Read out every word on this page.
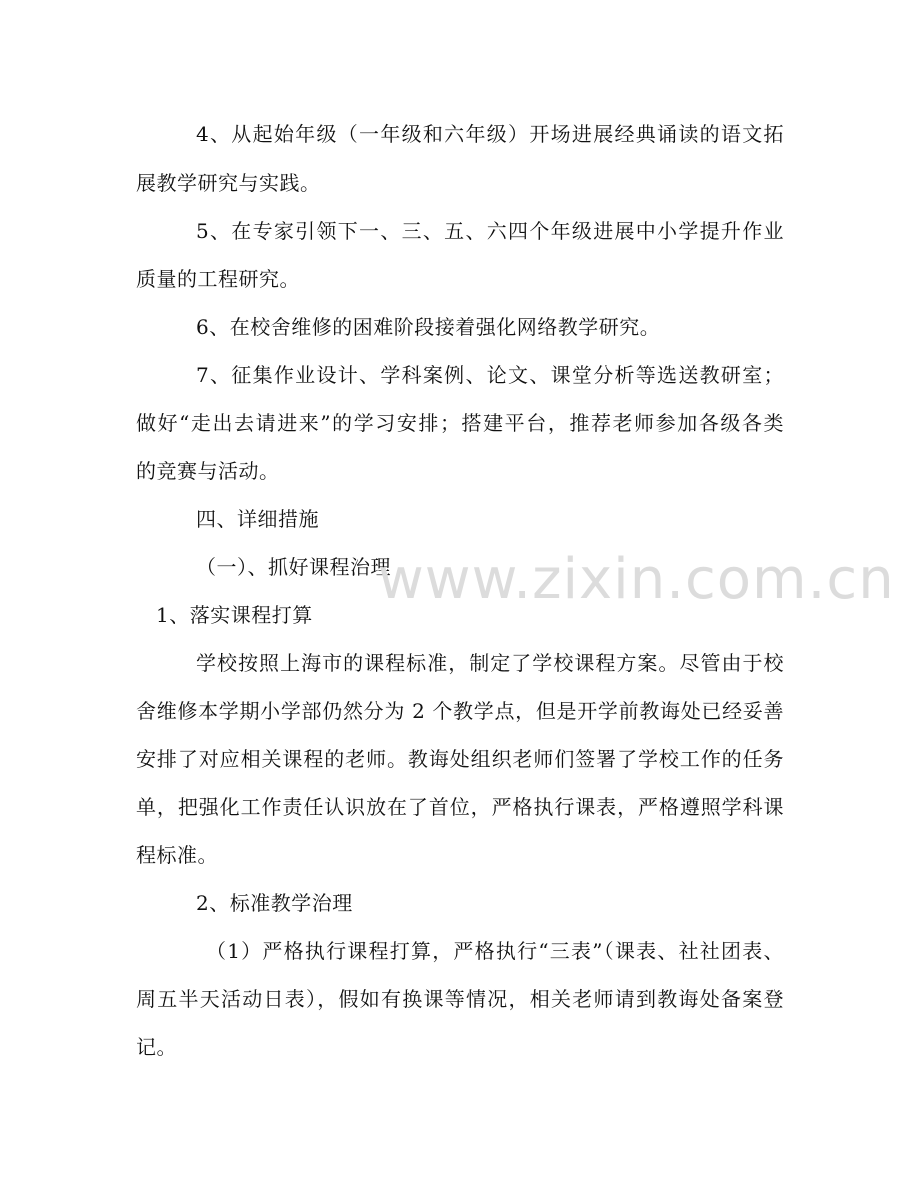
4、从起始年级（一年级和六年级）开场进展经典诵读的语文拓
展教学研究与实践。
5、在专家引领下一、三、五、六四个年级进展中小学提升作业
质量的工程研究。
6、在校舍维修的困难阶段接着强化网络教学研究。
7、征集作业设计、学科案例、论文、课堂分析等选送教研室；
做好“走出去请进来”的学习安排；搭建平台，推荐老师参加各级各类
的竞赛与活动。
四、详细措施
（一）、抓好课程治理
1、落实课程打算
学校按照上海市的课程标准，制定了学校课程方案。尽管由于校
舍维修本学期小学部仍然分为 2 个教学点，但是开学前教诲处已经妥善
安排了对应相关课程的老师。教诲处组织老师们签署了学校工作的任务
单，把强化工作责任认识放在了首位，严格执行课表，严格遵照学科课
程标准。
2、标准教学治理
（1）严格执行课程打算，严格执行“三表”（课表、社社团表、
周五半天活动日表），假如有换课等情况，相关老师请到教诲处备案登
记。
www.zixin.com.cn
